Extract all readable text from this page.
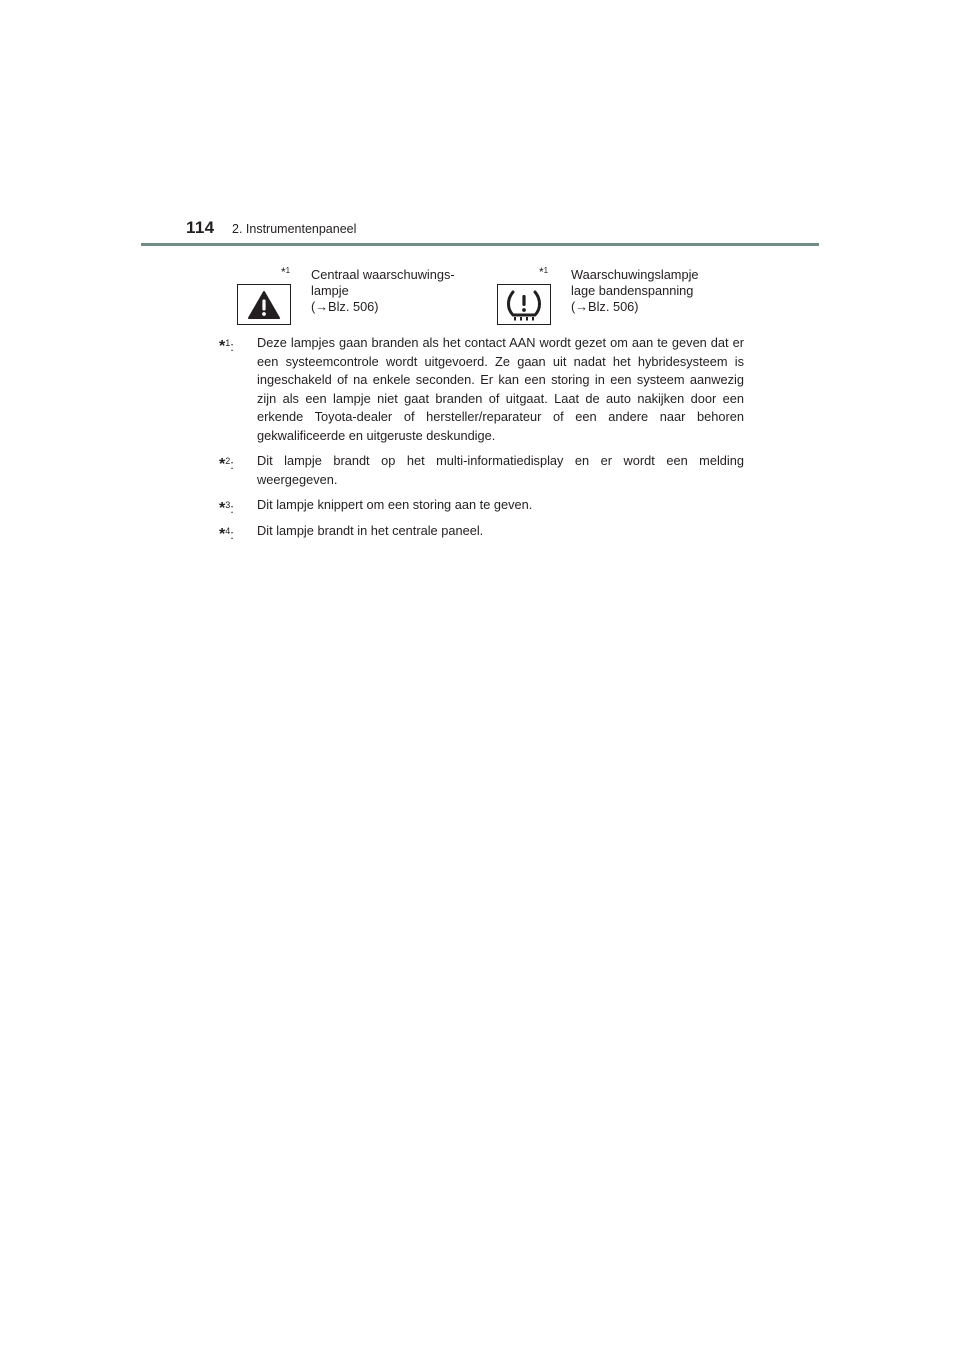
114 2. Instrumentenpaneel
$*_1$ Centraal waarschuwings-
lampje
(→Blz. 506)
$*_1$ Waarschuwingslampje
lage bandenspanning
(→Blz. 506)
*$^1$: Deze lampjes gaan branden als het contact AAN wordt gezet om aan te geven dat er een systeemcontrole wordt uitgevoerd. Ze gaan uit nadat het hybridesysteem is ingeschakeld of na enkele seconden. Er kan een storing in een systeem aanwezig zijn als een lampje niet gaat branden of uitgaat. Laat de auto nakijken door een erkende Toyota-dealer of hersteller/reparateur of een andere naar behoren gekwalificeerde en uitgeruste deskundige.
*$^2$: Dit lampje brandt op het multi-informatiedisplay en er wordt een melding weergegeven.
*$^3$: Dit lampje knippert om een storing aan te geven.
*$^4$: Dit lampje brandt in het centrale paneel.
